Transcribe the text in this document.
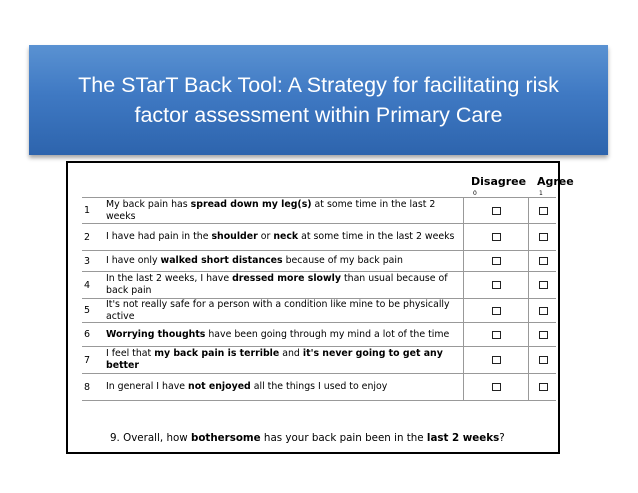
The STarT Back Tool: A Strategy for facilitating risk factor assessment within Primary Care
Disagree
0
Agree
1
1
My back pain has spread down my leg(s) at some time in the last 2 weeks
2 I have had pain in the shoulder or neck at some time in the last 2 weeks
3 I have only walked short distances because of my back pain
4
In the last 2 weeks, I have dressed more slowly than usual because of back pain
5
It's not really safe for a person with a condition like mine to be physically active
6 Worrying thoughts have been going through my mind a lot of the time
7
I feel that my back pain is terrible and it's never going to get any better
8 In general I have not enjoyed all the things I used to enjoy
9. Overall, how bothersome has your back pain been in the last 2 weeks?
